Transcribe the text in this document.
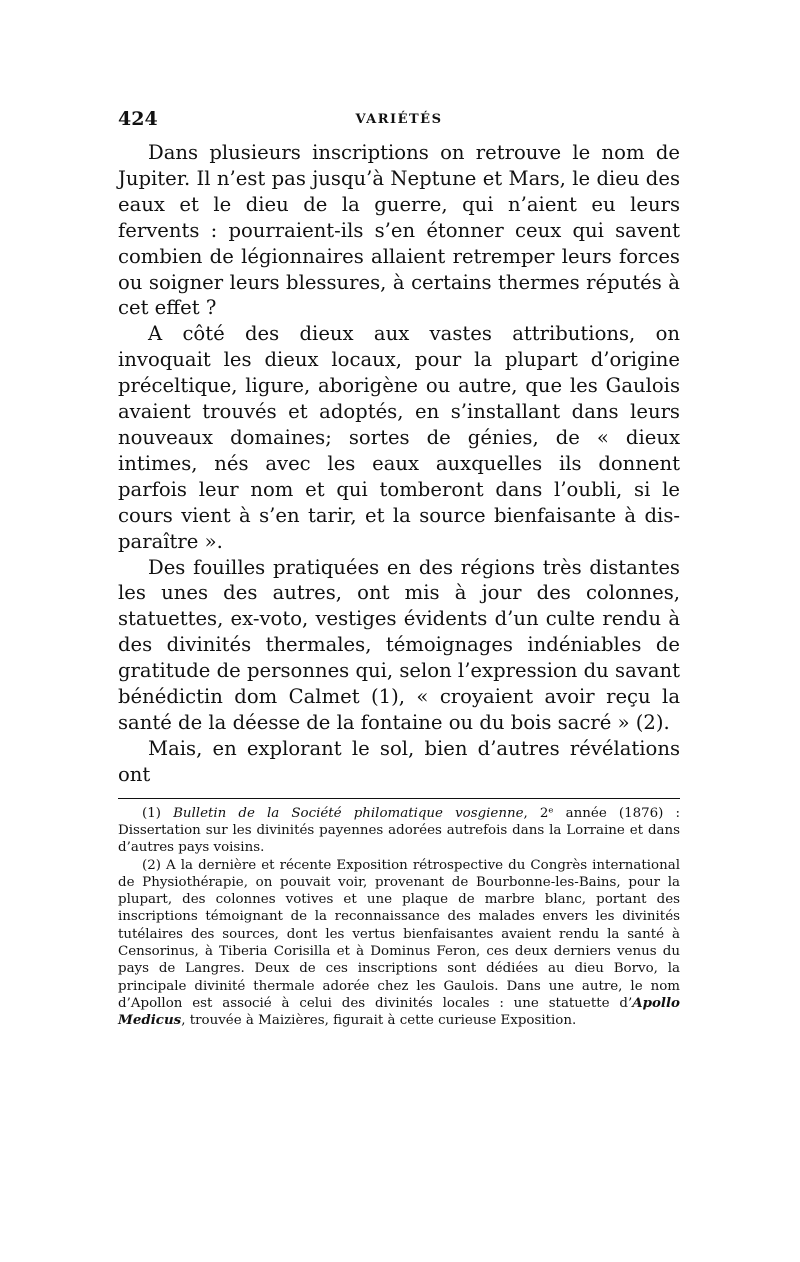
424	VARIÉTÉS

Dans plusieurs inscriptions on retrouve le nom de Jupiter. Il n’est pas jusqu’à Neptune et Mars, le dieu des eaux et le dieu de la guerre, qui n’aient eu leurs fervents : pourraient-ils s’en étonner ceux qui savent combien de légionnaires allaient retremper leurs forces ou soigner leurs blessures, à certains thermes réputés à cet effet ?

A côté des dieux aux vastes attributions, on invoquait les dieux locaux, pour la plupart d’origine préceltique, ligure, aborigène ou autre, que les Gaulois avaient trouvés et adoptés, en s’installant dans leurs nouveaux domaines; sortes de génies, de « dieux intimes, nés avec les eaux auxquelles ils donnent parfois leur nom et qui tomberont dans l’oubli, si le cours vient à s’en tarir, et la source bienfaisante à disparaître ».

Des fouilles pratiquées en des régions très distantes les unes des autres, ont mis à jour des colonnes, statuettes, ex-voto, vestiges évidents d’un culte rendu à des divinités thermales, témoignages indéniables de gratitude de personnes qui, selon l’expression du savant bénédictin dom Calmet (1), « croyaient avoir reçu la santé de la déesse de la fontaine ou du bois sacré » (2).

Mais, en explorant le sol, bien d’autres révélations ont

(1) Bulletin de la Société philomatique vosgienne, 2ᵉ année (1876) : Dissertation sur les divinités payennes adorées autrefois dans la Lorraine et dans d’autres pays voisins.

(2) A la dernière et récente Exposition rétrospective du Congrès international de Physiothérapie, on pouvait voir, provenant de Bourbonne-les-Bains, pour la plupart, des colonnes votives et une plaque de marbre blanc, portant des inscriptions témoignant de la reconnaissance des malades envers les divinités tutélaires des sources, dont les vertus bienfaisantes avaient rendu la santé à Censorinus, à Tiberia Corisilla et à Dominus Feron, ces deux derniers venus du pays de Langres. Deux de ces inscriptions sont dédiées au dieu Borvo, la principale divinité thermale adorée chez les Gaulois. Dans une autre, le nom d’Apollon est associé à celui des divinités locales : une statuette d’Apollo Medicus, trouvée à Maizières, figurait à cette curieuse Exposition.
